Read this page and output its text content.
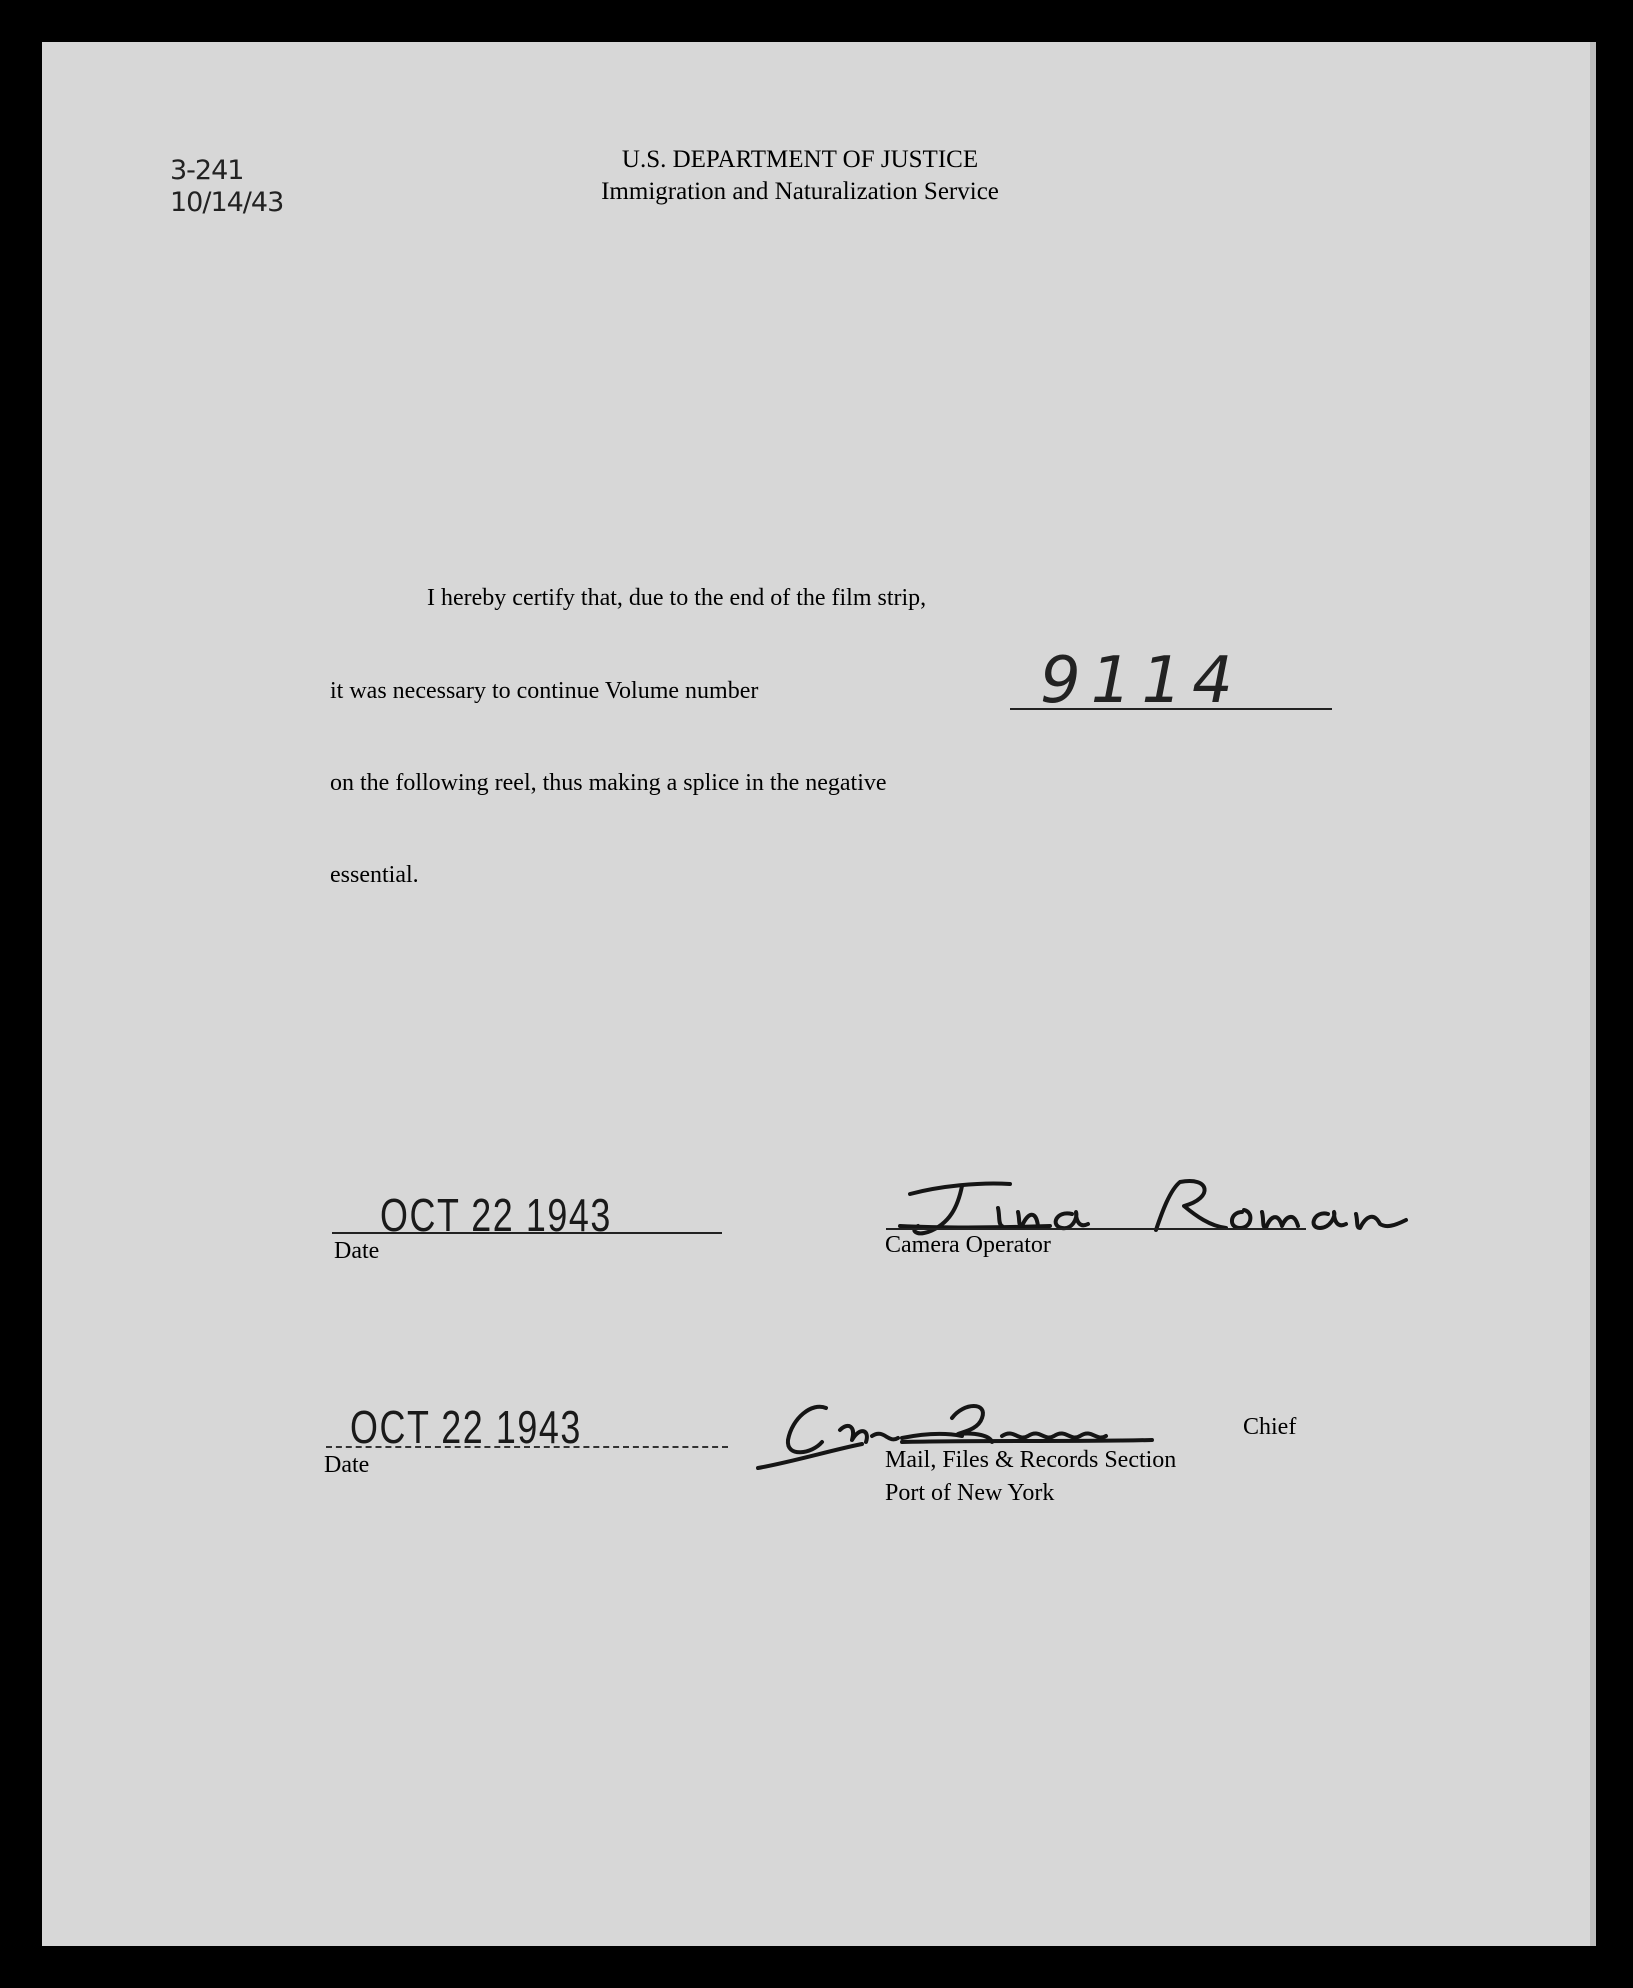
3-241
10/14/43
U.S. DEPARTMENT OF JUSTICE
Immigration and Naturalization Service
I hereby certify that, due to the end of the film strip,
it was necessary to continue Volume number	9114
on the following reel, thus making a splice in the negative
essential.
OCT 22 1943
Date	Camera Operator
OCT 22 1943
Date
Chief
Mail, Files & Records Section
Port of New York
